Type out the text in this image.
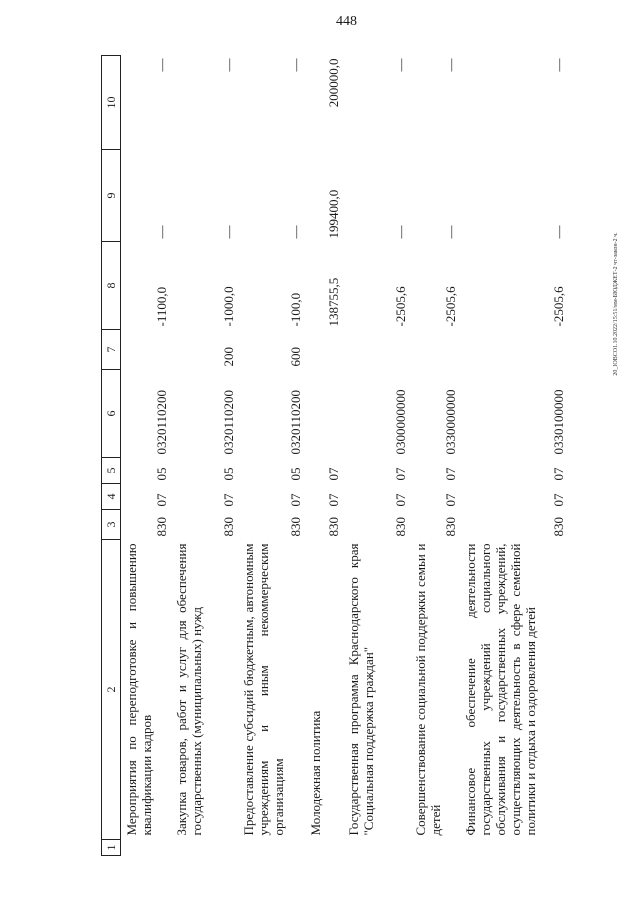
448
20_IOBCO1.10.2022/15:51/мм-БЮДЖЕТ-2 чт-закон-2 ч.
1	2	3	4	5	6	7	8	9	10
	Мероприятия по переподготовке и повышению квалификации кадров	830	07	05	0320110200		-1100,0	—	—
	Закупка товаров, работ и услуг для обеспечения государственных (муниципальных) нужд	830	07	05	0320110200	200	-1000,0	—	—
	Предоставление субсидий бюджетным, автономным учреждениям и иным некоммерческим организациям	830	07	05	0320110200	600	-100,0	—	—
	Молодежная политика	830	07	07			138755,5	199400,0	200000,0
	Государственная программа Краснодарского края "Социальная поддержка граждан"	830	07	07	0300000000		-2505,6	—	—
	Совершенствование социальной поддержки семьи и детей	830	07	07	0330000000		-2505,6	—	—
	Финансовое обеспечение деятельности государственных учреждений социального обслуживания и государственных учреждений, осуществляющих деятельность в сфере семейной политики и отдыха и оздоровления детей	830	07	07	0330100000		-2505,6	—	—
